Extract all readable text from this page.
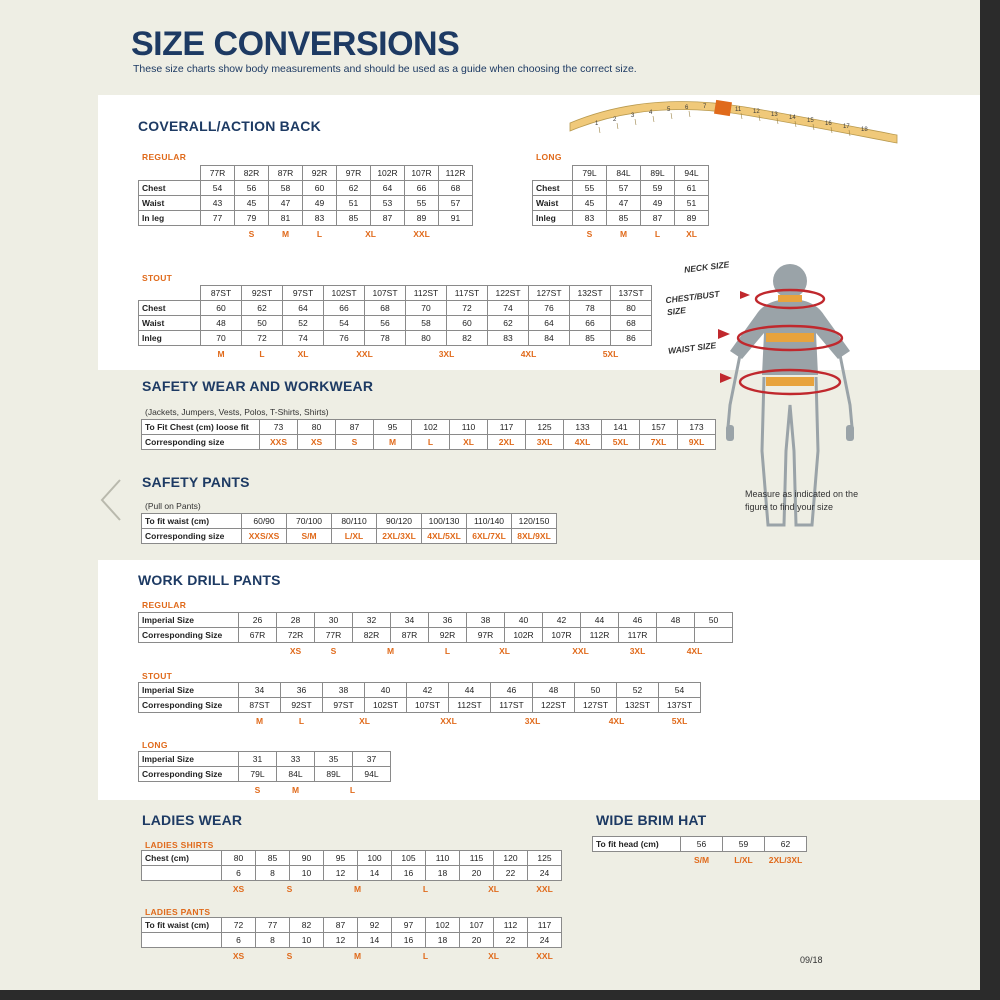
SIZE CONVERSIONS
These size charts show body measurements and should be used as a guide when choosing the correct size.
1
2
3 4 5 6 7	11 12 13 14 15 16 17 18
COVERALL/ACTION BACK
REGULAR
	77R	82R	87R	92R	97R	102R	107R	112R
Chest	54	56	58	60	62	64	66	68
Waist	43	45	47	49	51	53	55	57
In leg	77	79	81	83	85	87	89	91
		S	M	L	XL		XXL	
LONG
	79L	84L	89L	94L
Chest	55	57	59	61
Waist	45	47	49	51
Inleg	83	85	87	89
	S	M	L	XL
STOUT
	87ST	92ST	97ST	102ST	107ST	112ST	117ST	122ST	127ST	132ST	137ST
Chest	60	62	64	66	68	70	72	74	76	78	80
Waist	48	50	52	54	56	58	60	62	64	66	68
Inleg	70	72	74	76	78	80	82	83	84	85	86
	M	L	XL	XXL		3XL		4XL		5XL	
SAFETY WEAR AND WORKWEAR
(Jackets, Jumpers, Vests, Polos, T-Shirts, Shirts)
To Fit Chest (cm) loose fit	73	80	87	95	102	110	117	125	133	141	157	173
Corresponding size	XXS	XS	S	M	L	XL	2XL	3XL	4XL	5XL	7XL	9XL
SAFETY PANTS
(Pull on Pants)
To fit waist (cm)	60/90	70/100	80/110	90/120	100/130	110/140	120/150
Corresponding size	XXS/XS	S/M	L/XL	2XL/3XL	4XL/5XL	6XL/7XL	8XL/9XL
WORK DRILL PANTS
REGULAR
Imperial Size	26	28	30	32	34	36	38	40	42	44	46	48	50
Corresponding Size	67R	72R	77R	82R	87R	92R	97R	102R	107R	112R	117R		
		XS	S	M		L	XL		XXL		3XL	4XL	
STOUT
Imperial Size	34	36	38	40	42	44	46	48	50	52	54
Corresponding Size	87ST	92ST	97ST	102ST	107ST	112ST	117ST	122ST	127ST	132ST	137ST
	M	L	XL		XXL		3XL		4XL		5XL
LONG
Imperial Size	31	33	35	37
Corresponding Size	79L	84L	89L	94L
	S	M	L	
LADIES WEAR
LADIES SHIRTS
Chest (cm)	80	85	90	95	100	105	110	115	120	125
	6	8	10	12	14	16	18	20	22	24
	XS	S		M		L		XL		XXL
LADIES PANTS
To fit waist (cm)	72	77	82	87	92	97	102	107	112	117
	6	8	10	12	14	16	18	20	22	24
	XS	S		M		L		XL		XXL
WIDE BRIM HAT
To fit head (cm)	56	59	62
	S/M	L/XL	2XL/3XL
NECK SIZE
CHEST/BUST SIZE
WAIST SIZE
Measure as indicated on the figure to find your size
09/18
